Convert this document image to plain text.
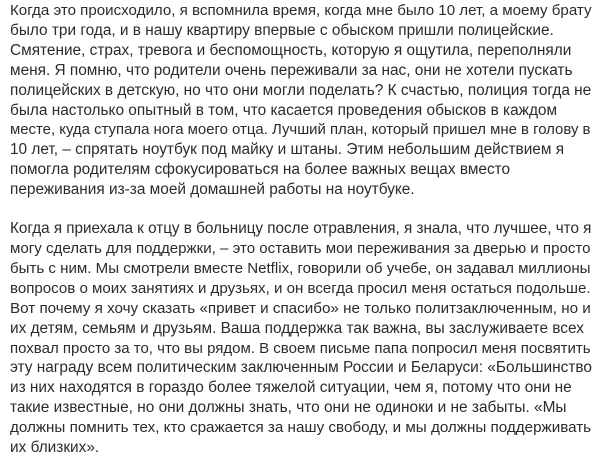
Когда это происходило, я вспомнила время, когда мне было 10 лет, а моему брату
было три года, и в нашу квартиру впервые с обыском пришли полицейские.
Смятение, страх, тревога и беспомощность, которую я ощутила, переполняли
меня. Я помню, что родители очень переживали за нас, они не хотели пускать
полицейских в детскую, но что они могли поделать? К счастью, полиция тогда не
была настолько опытный в том, что касается проведения обысков в каждом
месте, куда ступала нога моего отца. Лучший план, который пришел мне в голову в
10 лет, – спрятать ноутбук под майку и штаны. Этим небольшим действием я
помогла родителям сфокусироваться на более важных вещах вместо
переживания из-за моей домашней работы на ноутбуке.

Когда я приехала к отцу в больницу после отравления, я знала, что лучшее, что я
могу сделать для поддержки, – это оставить мои переживания за дверью и просто
быть с ним. Мы смотрели вместе Netflix, говорили об учебе, он задавал миллионы
вопросов о моих занятиях и друзьях, и он всегда просил меня остаться подольше.
Вот почему я хочу сказать «привет и спасибо» не только политзаключенным, но и
их детям, семьям и друзьям. Ваша поддержка так важна, вы заслуживаете всех
похвал просто за то, что вы рядом. В своем письме папа попросил меня посвятить
эту награду всем политическим заключенным России и Беларуси: «Большинство
из них находятся в гораздо более тяжелой ситуации, чем я, потому что они не
такие известные, но они должны знать, что они не одиноки и не забыты. «Мы
должны помнить тех, кто сражается за нашу свободу, и мы должны поддерживать
их близких».
